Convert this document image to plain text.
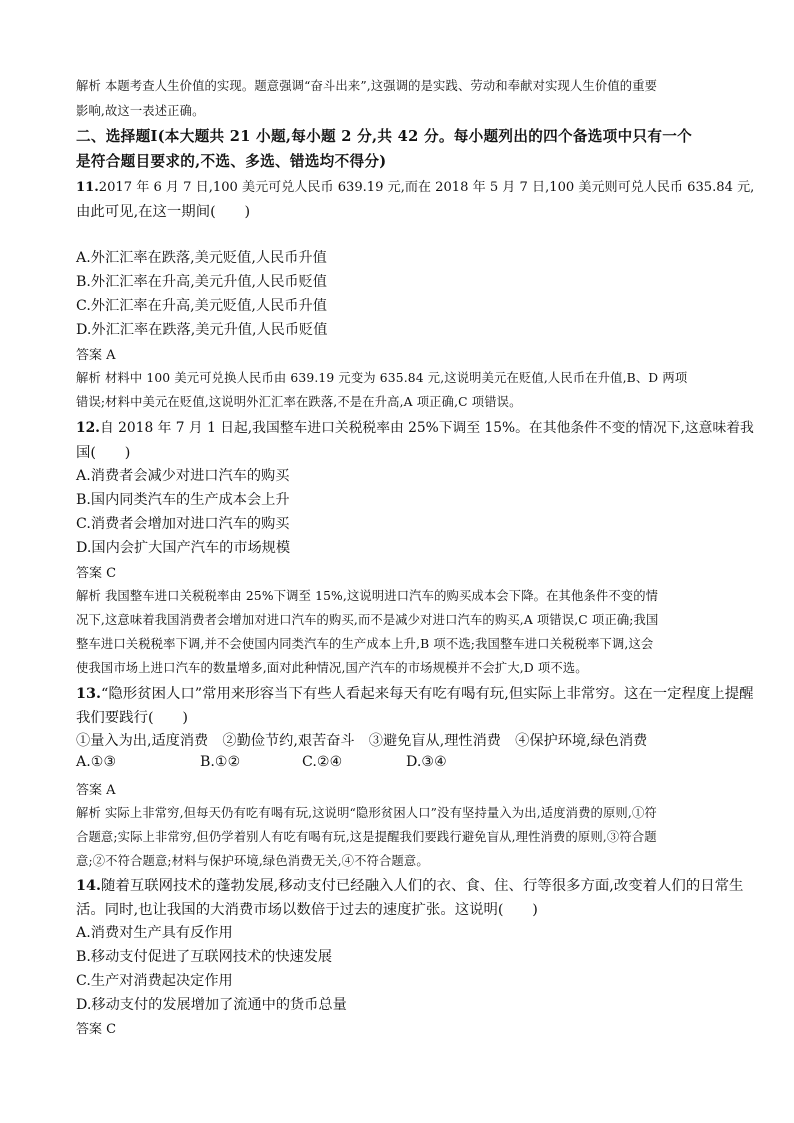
解析 本题考查人生价值的实现。题意强调“奋斗出来”,这强调的是实践、劳动和奉献对实现人生价值的重要
影响,故这一表述正确。
二、选择题Ⅰ(本大题共 21 小题,每小题 2 分,共 42 分。每小题列出的四个备选项中只有一个
是符合题目要求的,不选、多选、错选均不得分)
11.2017 年 6 月 7 日,100 美元可兑人民币 639.19 元,而在 2018 年 5 月 7 日,100 美元则可兑人民币 635.84 元,
由此可见,在这一期间(　　)
A.外汇汇率在跌落,美元贬值,人民币升值
B.外汇汇率在升高,美元升值,人民币贬值
C.外汇汇率在升高,美元贬值,人民币升值
D.外汇汇率在跌落,美元升值,人民币贬值
答案 A
解析 材料中 100 美元可兑换人民币由 639.19 元变为 635.84 元,这说明美元在贬值,人民币在升值,B、D 两项
错误;材料中美元在贬值,这说明外汇汇率在跌落,不是在升高,A 项正确,C 项错误。
12.自 2018 年 7 月 1 日起,我国整车进口关税税率由 25%下调至 15%。在其他条件不变的情况下,这意味着我
国(　　)
A.消费者会减少对进口汽车的购买
B.国内同类汽车的生产成本会上升
C.消费者会增加对进口汽车的购买
D.国内会扩大国产汽车的市场规模
答案 C
解析 我国整车进口关税税率由 25%下调至 15%,这说明进口汽车的购买成本会下降。在其他条件不变的情
况下,这意味着我国消费者会增加对进口汽车的购买,而不是减少对进口汽车的购买,A 项错误,C 项正确;我国
整车进口关税税率下调,并不会使国内同类汽车的生产成本上升,B 项不选;我国整车进口关税税率下调,这会
使我国市场上进口汽车的数量增多,面对此种情况,国产汽车的市场规模并不会扩大,D 项不选。
13.“隐形贫困人口”常用来形容当下有些人看起来每天有吃有喝有玩,但实际上非常穷。这在一定程度上提醒
我们要践行(　　)
①量入为出,适度消费　②勤俭节约,艰苦奋斗　③避免盲从,理性消费　④保护环境,绿色消费
A.①③	B.①②	C.②④	D.③④
答案 A
解析 实际上非常穷,但每天仍有吃有喝有玩,这说明“隐形贫困人口”没有坚持量入为出,适度消费的原则,①符
合题意;实际上非常穷,但仍学着别人有吃有喝有玩,这是提醒我们要践行避免盲从,理性消费的原则,③符合题
意;②不符合题意;材料与保护环境,绿色消费无关,④不符合题意。
14.随着互联网技术的蓬勃发展,移动支付已经融入人们的衣、食、住、行等很多方面,改变着人们的日常生
活。同时,也让我国的大消费市场以数倍于过去的速度扩张。这说明(　　)
A.消费对生产具有反作用
B.移动支付促进了互联网技术的快速发展
C.生产对消费起决定作用
D.移动支付的发展增加了流通中的货币总量
答案 C
